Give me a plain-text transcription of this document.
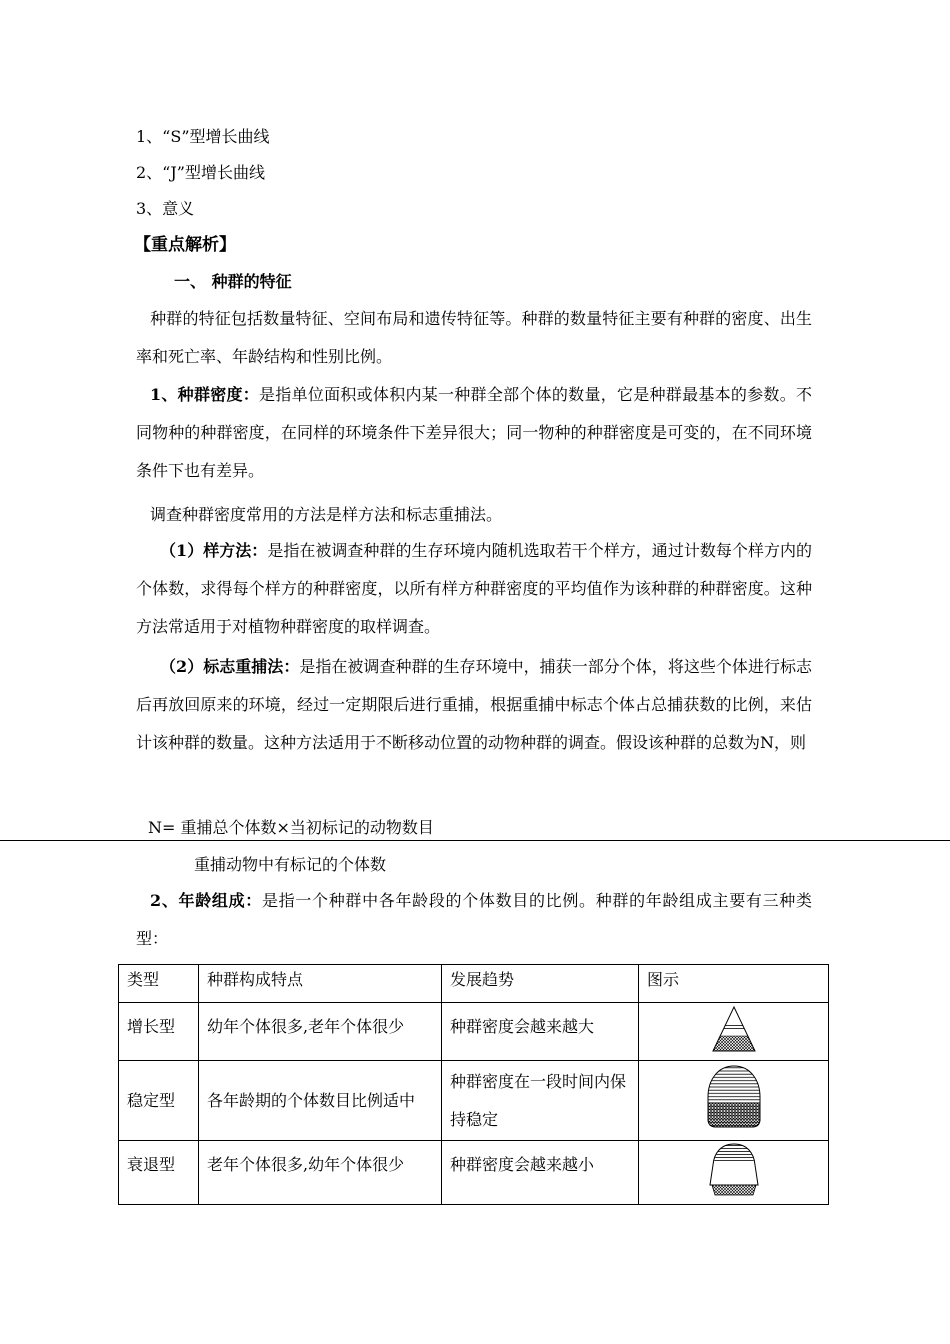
1、“S”型增长曲线
2、“J”型增长曲线
3、意义
【重点解析】
一、 种群的特征
种群的特征包括数量特征、空间布局和遗传特征等。种群的数量特征主要有种群的密度、出生率和死亡率、年龄结构和性别比例。
1、种群密度：是指单位面积或体积内某一种群全部个体的数量，它是种群最基本的参数。不同物种的种群密度，在同样的环境条件下差异很大；同一物种的种群密度是可变的，在不同环境条件下也有差异。
调查种群密度常用的方法是样方法和标志重捕法。
（1）样方法：是指在被调查种群的生存环境内随机选取若干个样方，通过计数每个样方内的个体数，求得每个样方的种群密度，以所有样方种群密度的平均值作为该种群的种群密度。这种方法常适用于对植物种群密度的取样调查。
（2）标志重捕法：是指在被调查种群的生存环境中，捕获一部分个体，将这些个体进行标志后再放回原来的环境，经过一定期限后进行重捕，根据重捕中标志个体占总捕获数的比例，来估计该种群的数量。这种方法适用于不断移动位置的动物种群的调查。假设该种群的总数为N，则
N= 重捕总个体数×当初标记的动物数目
重捕动物中有标记的个体数
2、年龄组成：是指一个种群中各年龄段的个体数目的比例。种群的年龄组成主要有三种类型：
类型	种群构成特点	发展趋势	图示
增长型	幼年个体很多,老年个体很少	种群密度会越来越大	
稳定型	各年龄期的个体数目比例适中	种群密度在一段时间内保持稳定	
衰退型	老年个体很多,幼年个体很少	种群密度会越来越小	
